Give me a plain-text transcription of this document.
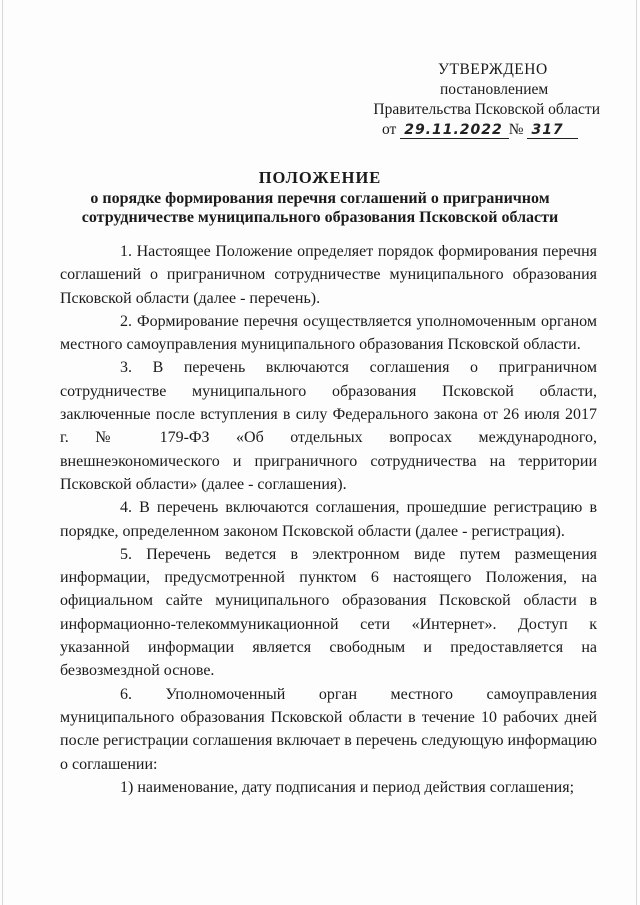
УТВЕРЖДЕНО
постановлением
Правительства Псковской области
от 29.11.2022 № 317
ПОЛОЖЕНИЕ
о порядке формирования перечня соглашений о приграничном сотрудничестве муниципального образования Псковской области

1. Настоящее Положение определяет порядок формирования перечня соглашений о приграничном сотрудничестве муниципального образования Псковской области (далее - перечень).

2. Формирование перечня осуществляется уполномоченным органом местного самоуправления муниципального образования Псковской области.

3. В перечень включаются соглашения о приграничном сотрудничестве муниципального образования Псковской области, заключенные после вступления в силу Федерального закона от 26 июля 2017 г. № 179-ФЗ «Об отдельных вопросах международного, внешнеэкономического и приграничного сотрудничества на территории Псковской области» (далее - соглашения).

4. В перечень включаются соглашения, прошедшие регистрацию в порядке, определенном законом Псковской области (далее - регистрация).

5. Перечень ведется в электронном виде путем размещения информации, предусмотренной пунктом 6 настоящего Положения, на официальном сайте муниципального образования Псковской области в информационно-телекоммуникационной сети «Интернет». Доступ к указанной информации является свободным и предоставляется на безвозмездной основе.

6. Уполномоченный орган местного самоуправления муниципального образования Псковской области в течение 10 рабочих дней после регистрации соглашения включает в перечень следующую информацию о соглашении:

1) наименование, дату подписания и период действия соглашения;
